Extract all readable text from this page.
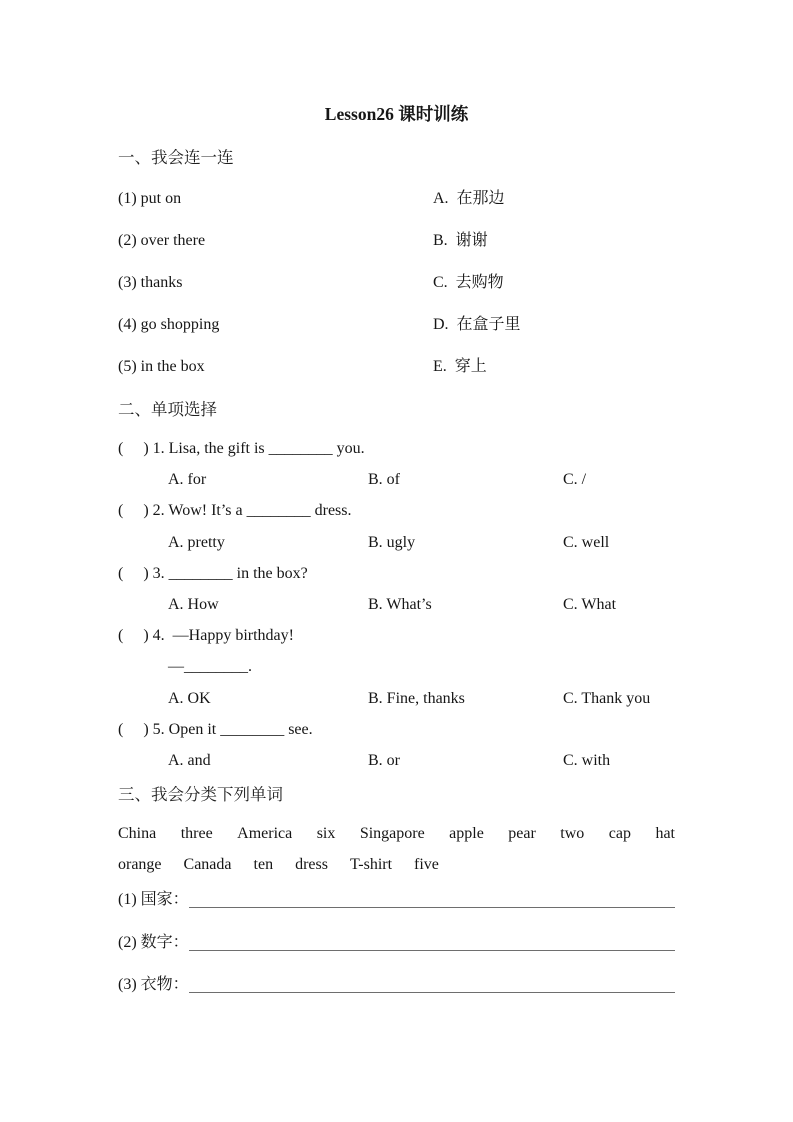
Lesson26 课时训练
一、我会连一连
(1) put on	A.  在那边
(2) over there	B.  谢谢
(3) thanks	C.  去购物
(4) go shopping	D.  在盒子里
(5) in the box	E.  穿上
二、单项选择
(     ) 1. Lisa, the gift is ________ you.
A. for	B. of	C. /
(     ) 2. Wow! It’s a ________ dress.
A. pretty	B. ugly	C. well
(     ) 3. ________ in the box?
A. How	B. What’s	C. What
(     ) 4.  —Happy birthday!
—________.
A. OK	B. Fine, thanks	C. Thank you
(     ) 5. Open it ________ see.
A. and	B. or	C. with
三、我会分类下列单词
China three America six Singapore apple pear two cap hat
orange Canada ten dress T-shirt five
(1) 国家：
(2) 数字：
(3) 衣物：
